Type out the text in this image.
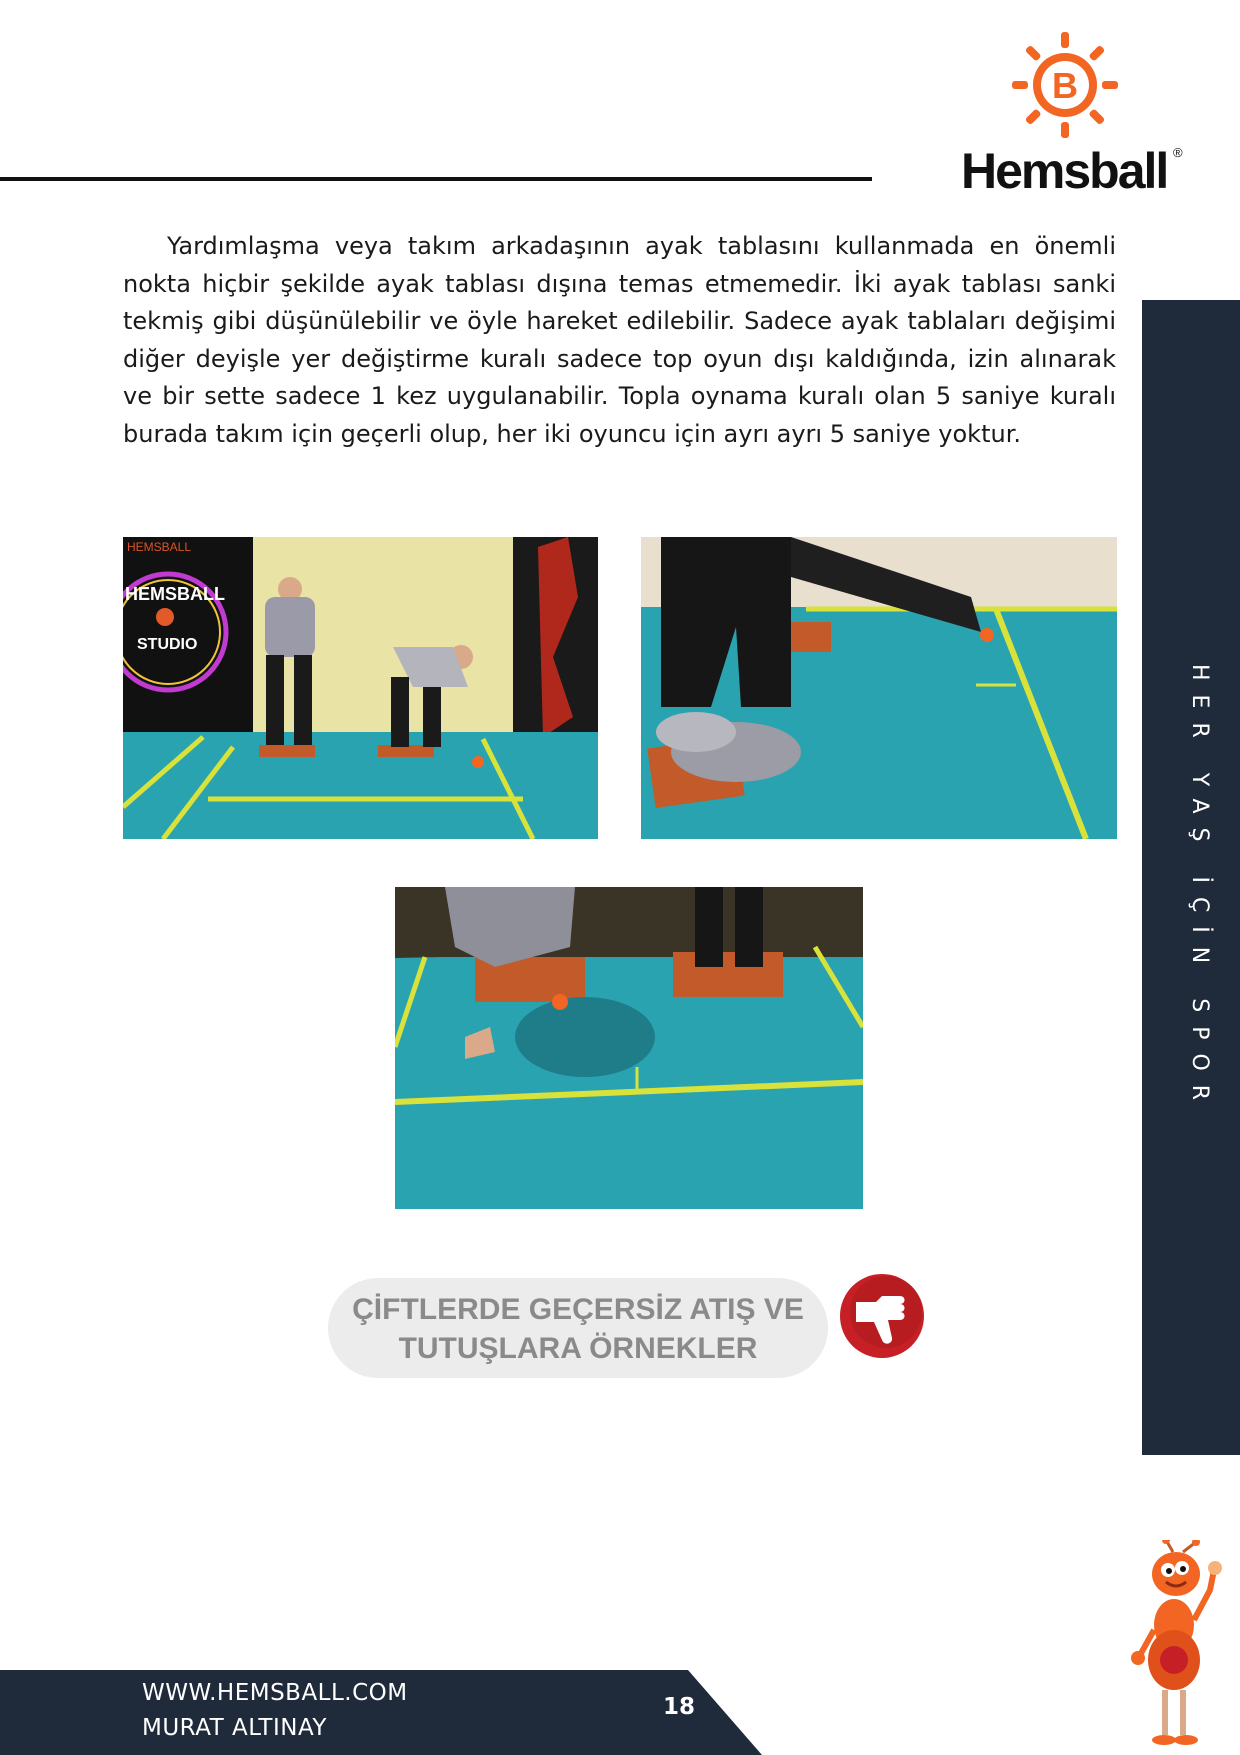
B
Hemsball ®
HER YAŞ İÇİN SPOR

Yardımlaşma veya takım arkadaşının ayak tablasını kullanmada en önemli nokta hiçbir şekilde ayak tablası dışına temas etmemedir. İki ayak tablası sanki tekmiş gibi düşünülebilir ve öyle hareket edilebilir. Sadece ayak tablaları değişimi diğer deyişle yer değiştirme kuralı sadece top oyun dışı kaldığında, izin alınarak ve bir sette sadece 1 kez uygulanabilir. Topla oynama kuralı olan 5 saniye kuralı burada takım için geçerli olup, her iki oyuncu için ayrı ayrı 5 saniye yoktur.

HEMSBALL
HEMSBALL
STUDIO
ÇİFTLERDE GEÇERSİZ ATIŞ VE
TUTUŞLARA ÖRNEKLER
WWW.HEMSBALL.COM
MURAT ALTINAY
18
